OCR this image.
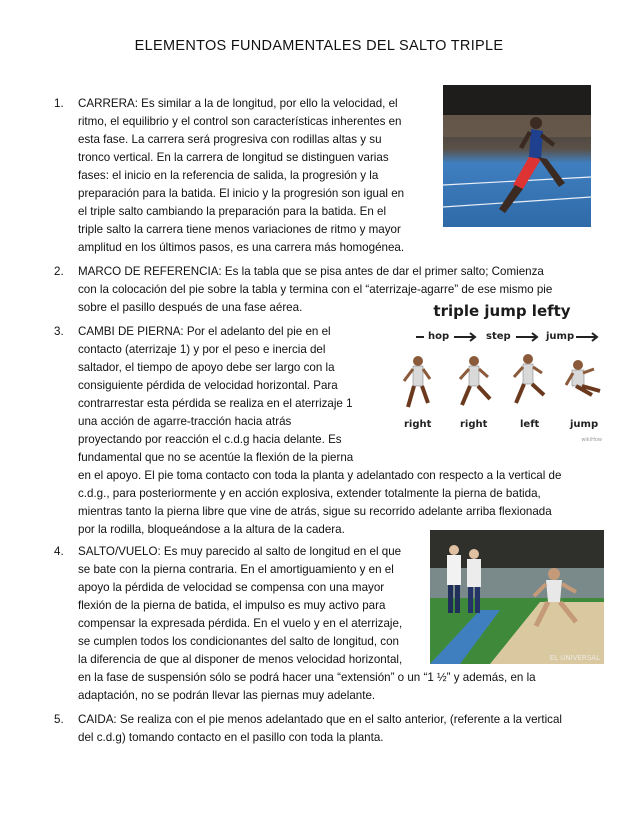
ELEMENTOS FUNDAMENTALES DEL SALTO TRIPLE
1. CARRERA: Es similar a la de longitud, por ello la velocidad, el
ritmo, el equilibrio y el control son características inherentes en
esta fase. La carrera será progresiva con rodillas altas y su
tronco vertical. En la carrera de longitud se distinguen varias
fases: el inicio en la referencia de salida, la progresión y la
preparación para la batida. El inicio y la progresión son igual en
el triple salto cambiando la preparación para la batida. En el
triple salto la carrera tiene menos variaciones de ritmo y mayor
amplitud en los últimos pasos, es una carrera más homogénea.
2. MARCO DE REFERENCIA: Es la tabla que se pisa antes de dar el primer salto; Comienza
con la colocación del pie sobre la tabla y termina con el “aterrizaje-agarre” de ese mismo pie
sobre el pasillo después de una fase aérea.
3. CAMBI DE PIERNA: Por el adelanto del pie en el
contacto (aterrizaje 1) y por el peso e inercia del
saltador, el tiempo de apoyo debe ser largo con la
consiguiente pérdida de velocidad horizontal. Para
contrarrestar esta pérdida se realiza en el aterrizaje 1
una acción de agarre-tracción hacia atrás
proyectando por reacción el c.d.g hacia delante. Es
fundamental que no se acentúe la flexión de la pierna
en el apoyo. El pie toma contacto con toda la planta y adelantado con respecto a la vertical de
c.d.g., para posteriormente y en acción explosiva, extender totalmente la pierna de batida,
mientras tanto la pierna libre que vine de atrás, sigue su recorrido adelante arriba flexionada
por la rodilla, bloqueándose a la altura de la cadera.
4. SALTO/VUELO: Es muy parecido al salto de longitud en el que
se bate con la pierna contraria. En el amortiguamiento y en el
apoyo la pérdida de velocidad se compensa con una mayor
flexión de la pierna de batida, el impulso es muy activo para
compensar la expresada pérdida. En el vuelo y en el aterrizaje,
se cumplen todos los condicionantes del salto de longitud, con
la diferencia de que al disponer de menos velocidad horizontal,
en la fase de suspensión sólo se podrá hacer una “extensión” o un “1 ½” y además, en la
adaptación, no se podrán llevar las piernas muy adelante.
5. CAIDA: Se realiza con el pie menos adelantado que en el salto anterior, (referente a la vertical
del c.d.g) tomando contacto en el pasillo con toda la planta.
triple jump lefty
hop	step	jump
right	right	left	jump
wikiHow
EL UNIVERSAL
